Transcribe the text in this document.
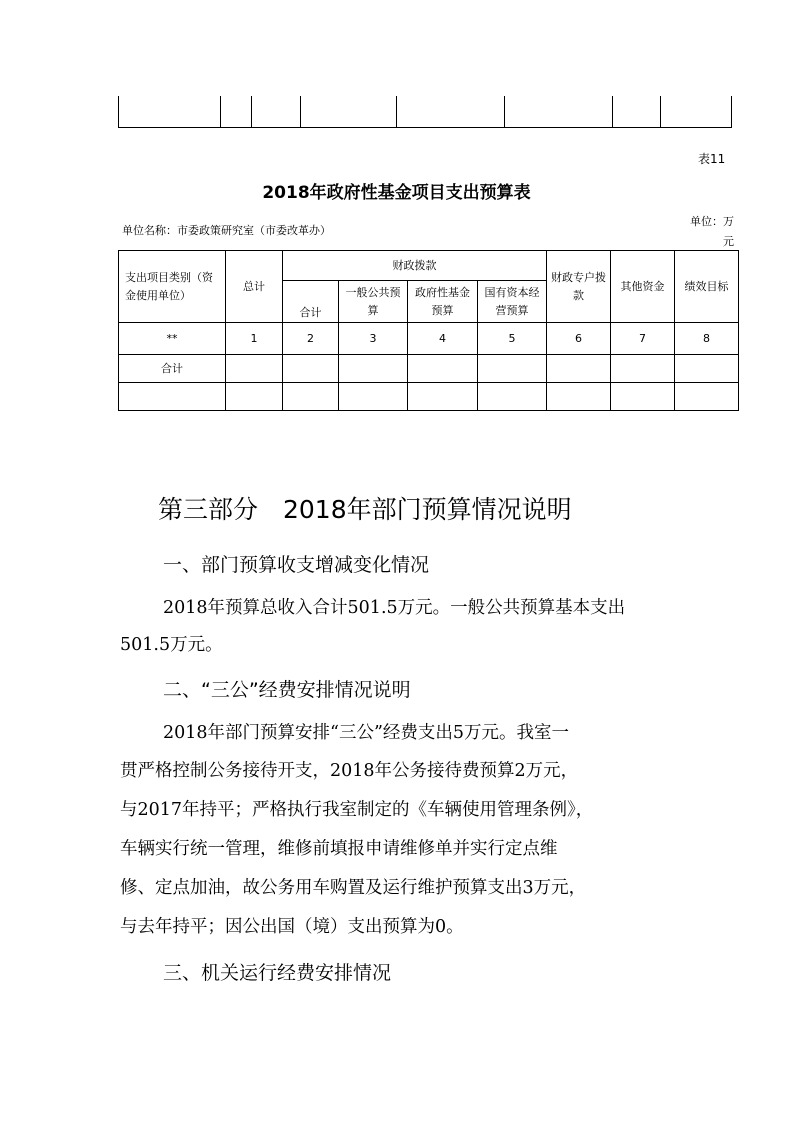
表11
2018年政府性基金项目支出预算表
单位名称：市委政策研究室（市委改革办）
单位：万元
支出项目类别（资金使用单位）	总计	财政拨款				财政专户拨款	其他资金	绩效目标
		合计	一般公共预算	政府性基金预算	国有资本经营预算			
**	1	2	3	4	5	6	7	8
合计								

第三部分　2018年部门预算情况说明
一、部门预算收支增减变化情况
2018年预算总收入合计501.5万元。一般公共预算基本支出
501.5万元。
二、“三公”经费安排情况说明
2018年部门预算安排“三公”经费支出5万元。我室一
贯严格控制公务接待开支，2018年公务接待费预算2万元，
与2017年持平；严格执行我室制定的《车辆使用管理条例》，
车辆实行统一管理，维修前填报申请维修单并实行定点维
修、定点加油，故公务用车购置及运行维护预算支出3万元，
与去年持平；因公出国（境）支出预算为0。
三、机关运行经费安排情况
